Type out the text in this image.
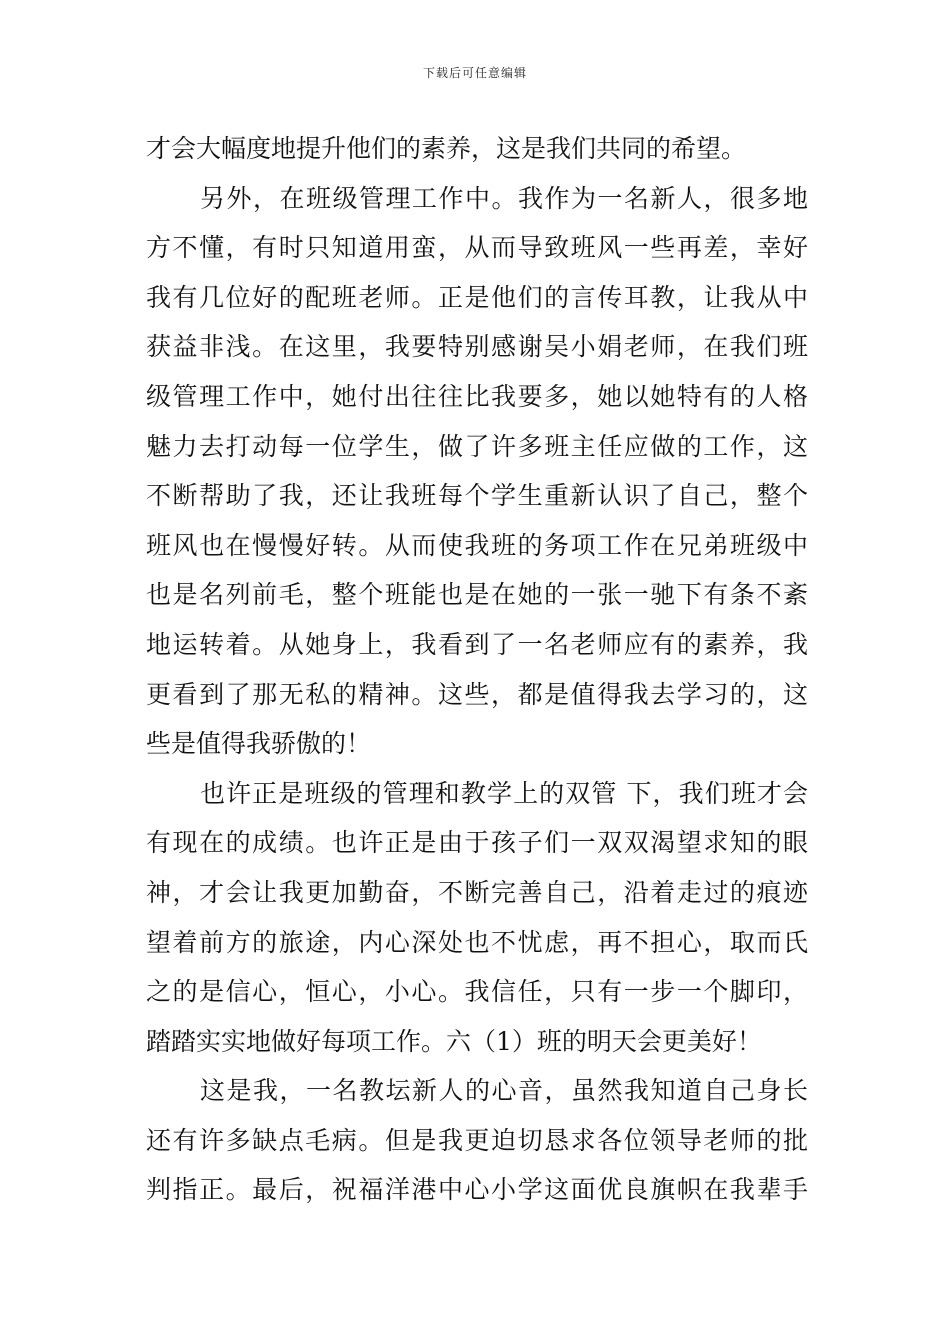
下载后可任意编辑
才会大幅度地提升他们的素养，这是我们共同的希望。
另外，在班级管理工作中。我作为一名新人，很多地
方不懂，有时只知道用蛮，从而导致班风一些再差，幸好
我有几位好的配班老师。正是他们的言传耳教，让我从中
获益非浅。在这里，我要特别感谢吴小娟老师，在我们班
级管理工作中，她付出往往比我要多，她以她特有的人格
魅力去打动每一位学生，做了许多班主任应做的工作，这
不断帮助了我，还让我班每个学生重新认识了自己，整个
班风也在慢慢好转。从而使我班的务项工作在兄弟班级中
也是名列前毛，整个班能也是在她的一张一驰下有条不紊
地运转着。从她身上，我看到了一名老师应有的素养，我
更看到了那无私的精神。这些，都是值得我去学习的，这
些是值得我骄傲的！
也许正是班级的管理和教学上的双管 下，我们班才会
有现在的成绩。也许正是由于孩子们一双双渴望求知的眼
神，才会让我更加勤奋，不断完善自己，沿着走过的痕迹
望着前方的旅途，内心深处也不忧虑，再不担心，取而氏
之的是信心，恒心，小心。我信任，只有一步一个脚印，
踏踏实实地做好每项工作。六（1）班的明天会更美好！
这是我，一名教坛新人的心音，虽然我知道自己身长
还有许多缺点毛病。但是我更迫切恳求各位领导老师的批
判指正。最后，祝福洋港中心小学这面优良旗帜在我辈手
